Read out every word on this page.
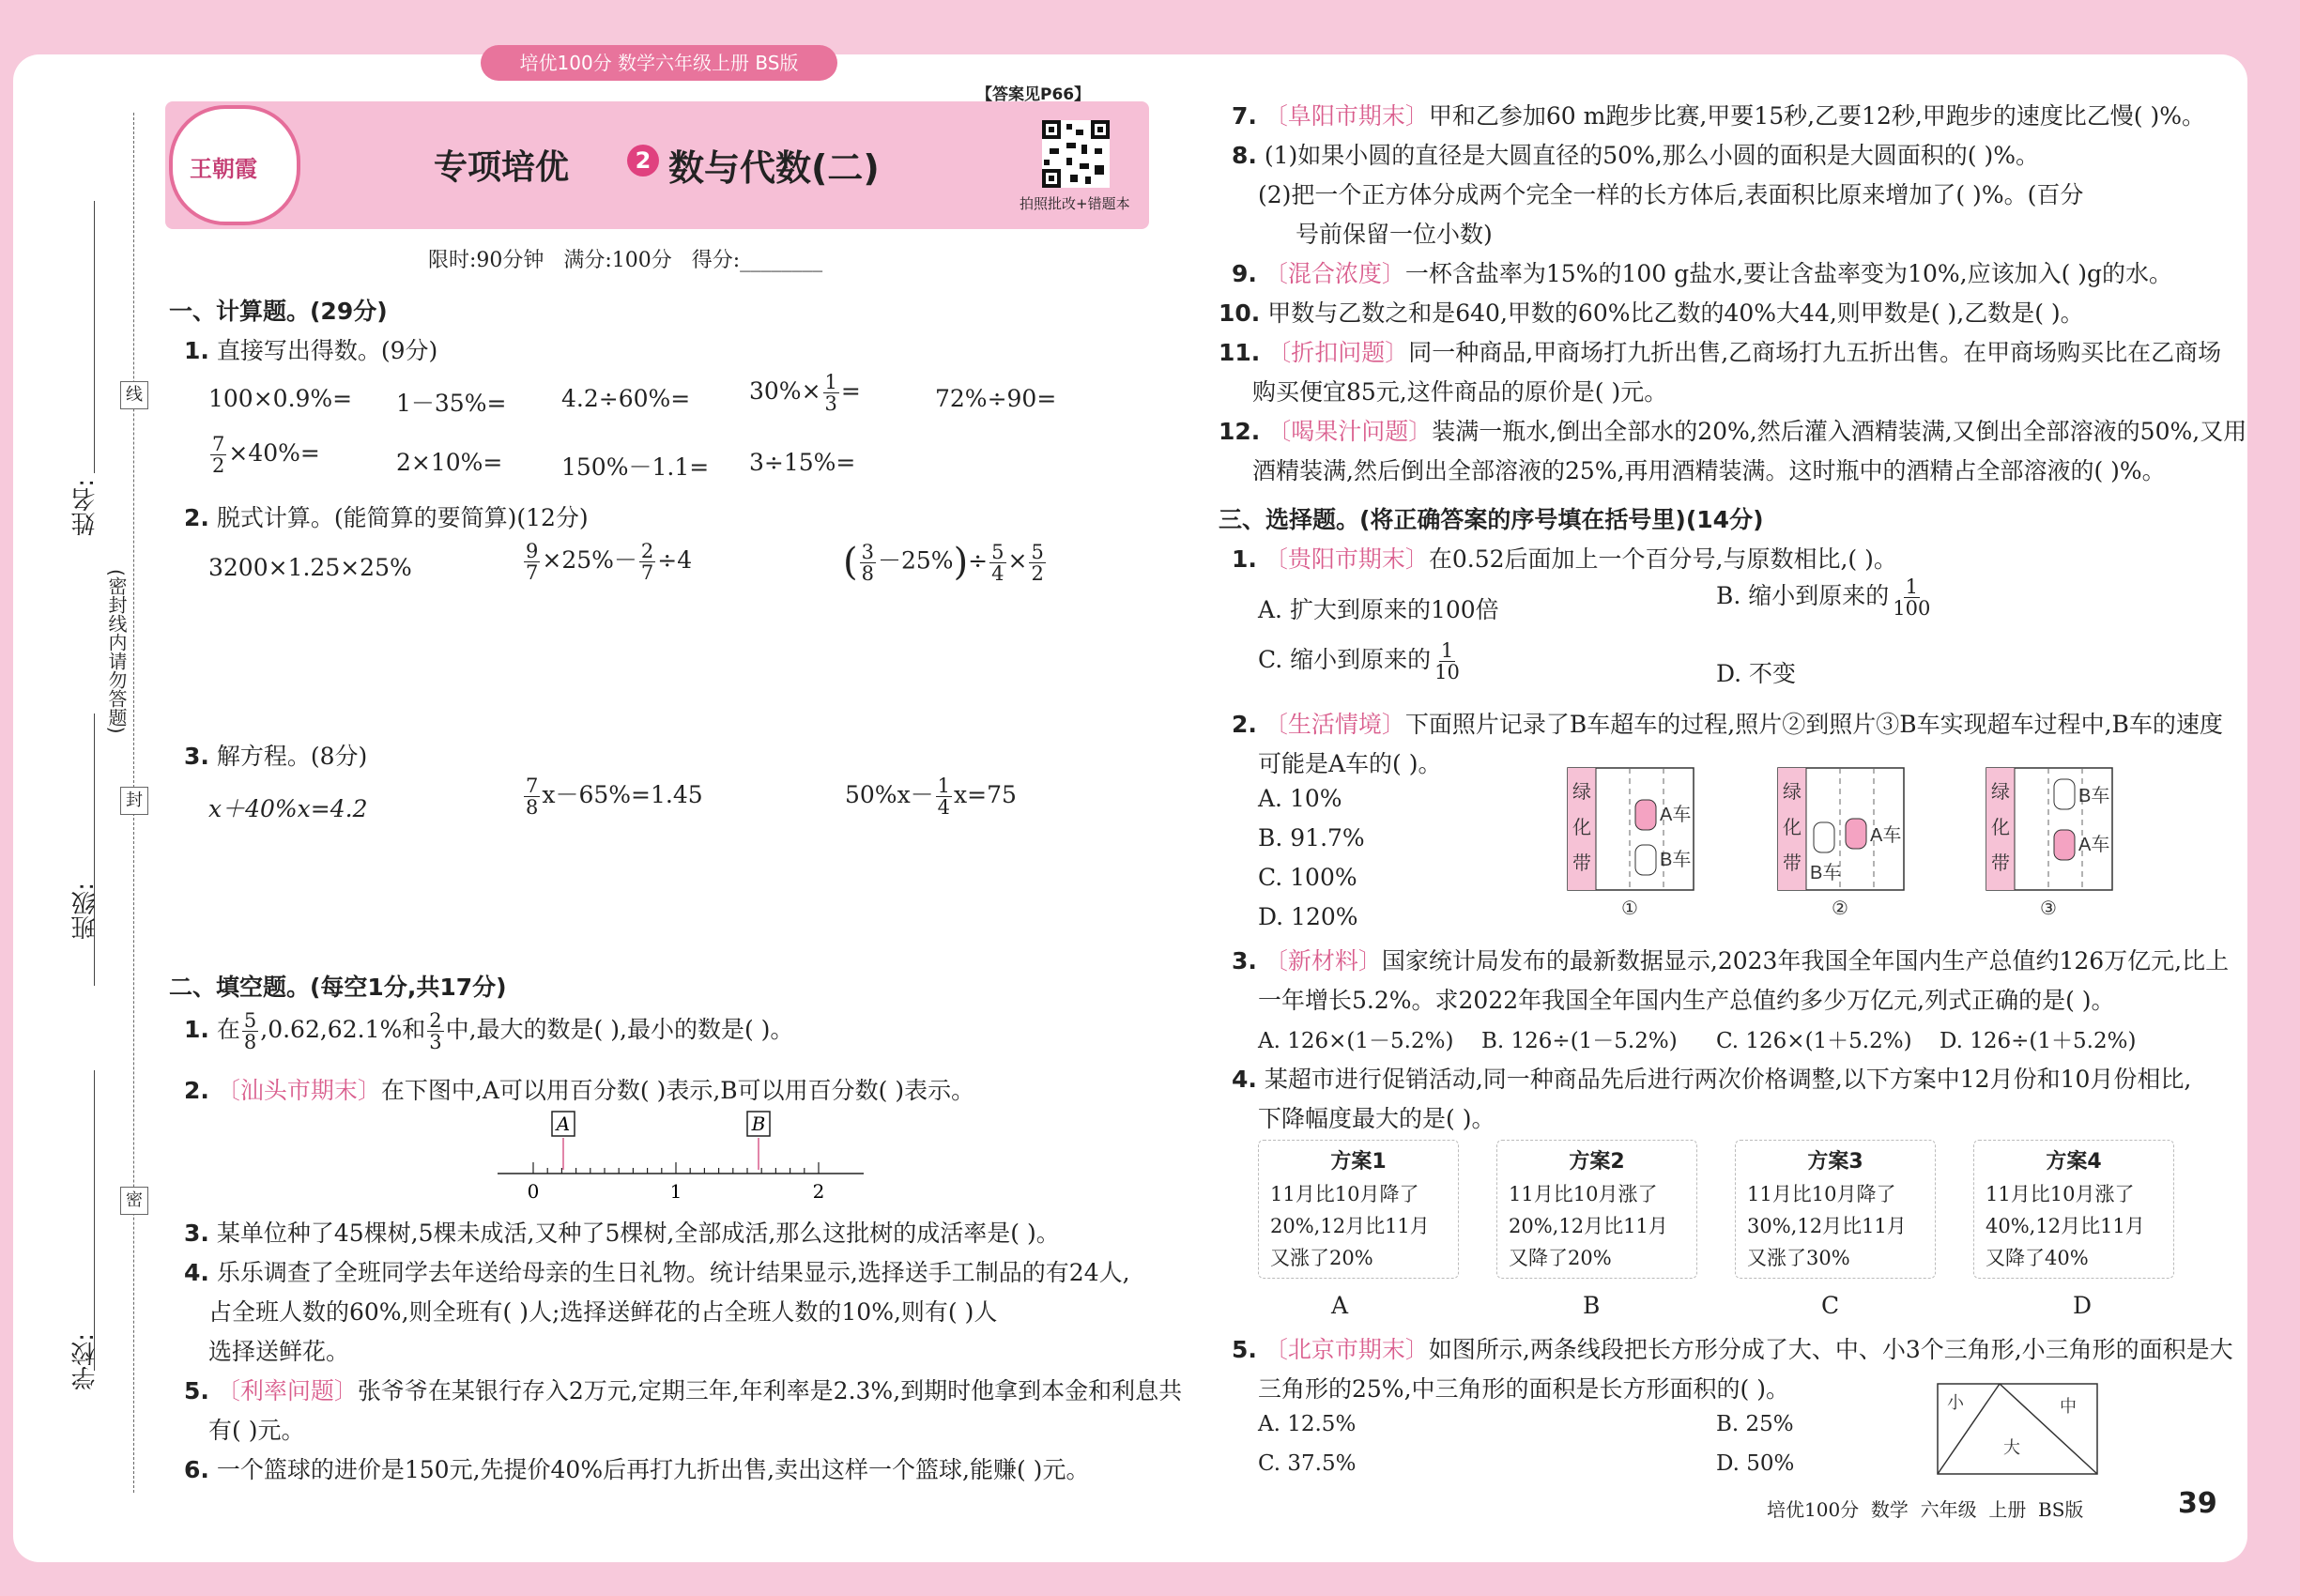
培优100分 数学六年级上册 BS版
王朝霞
【答案见P66】
专项培优	2 数与代数(二)
拍照批改+错题本
限时:90分钟   满分:100分   得分:________
姓名:
班级:
学校:
线
封
密
(密封线内请勿答题)
一、计算题。(29分)
1. 直接写出得数。(9分)
100×0.9%= 1－35%= 4.2÷60%=	$30\%\times \frac{1}{3}$ =	72%÷90=
$\frac{7}{2} \times 40\%=$	2×10%=	150%－1.1= 3÷15%=
2. 脱式计算。(能简算的要简算)(12分)
3200×1.25×25%	$\frac{9}{7} \times 25\%- \frac{2}{7} \div 4$	( $\frac{3}{8} -25\%)\div \frac{5}{4} \times \frac{5}{2}$
3. 解方程。(8分)
x＋40%x=4.2	$\frac{7}{8} x-65\%=1.45$	$50\%x- \frac{1}{4} x=75$
二、填空题。(每空1分,共17分)
1. 在 $\frac{5}{8} ,0.62,62.1\%$和 $\frac{2}{3}$ 中,最大的数是( ),最小的数是( )。
2. 〔汕头市期末〕在下图中,A可以用百分数( )表示,B可以用百分数( )表示。
A	B
0	1	2
3. 某单位种了45棵树,5棵未成活,又种了5棵树,全部成活,那么这批树的成活率是( )。
4. 乐乐调查了全班同学去年送给母亲的生日礼物。统计结果显示,选择送手工制品的有24人,
占全班人数的60%,则全班有( )人;选择送鲜花的占全班人数的10%,则有( )人
选择送鲜花。
5. 〔利率问题〕张爷爷在某银行存入2万元,定期三年,年利率是2.3%,到期时他拿到本金和利息共
有( )元。
6. 一个篮球的进价是150元,先提价40%后再打九折出售,卖出这样一个篮球,能赚( )元。
7. 〔阜阳市期末〕甲和乙参加60 m跑步比赛,甲要15秒,乙要12秒,甲跑步的速度比乙慢( )%。
8. (1)如果小圆的直径是大圆直径的50%,那么小圆的面积是大圆面积的( )%。
(2)把一个正方体分成两个完全一样的长方体后,表面积比原来增加了( )%。(百分
号前保留一位小数)
9. 〔混合浓度〕一杯含盐率为15%的100 g盐水,要让含盐率变为10%,应该加入( )g的水。
10. 甲数与乙数之和是640,甲数的60%比乙数的40%大44,则甲数是( ),乙数是( )。
11. 〔折扣问题〕同一种商品,甲商场打九折出售,乙商场打九五折出售。在甲商场购买比在乙商场
购买便宜85元,这件商品的原价是( )元。
12. 〔喝果汁问题〕装满一瓶水,倒出全部水的20%,然后灌入酒精装满,又倒出全部溶液的50%,又用
酒精装满,然后倒出全部溶液的25%,再用酒精装满。这时瓶中的酒精占全部溶液的( )%。
三、选择题。(将正确答案的序号填在括号里)(14分)
1. 〔贵阳市期末〕在0.52后面加上一个百分号,与原数相比,( )。
A. 扩大到原来的100倍
B. 缩小到原来的 $\frac{1}{100}$
C. 缩小到原来的 $\frac{1}{10}$	D. 不变
2. 〔生活情境〕下面照片记录了B车超车的过程,照片②到照片③B车实现超车过程中,B车的速度
可能是A车的( )。
A. 10%
B. 91.7%
C. 100%
D. 120%
绿
化
带
A车
B车
①
绿
化
带
A车
B车
②
绿
化
带
B车
A车
③
3. 〔新材料〕国家统计局发布的最新数据显示,2023年我国全年国内生产总值约126万亿元,比上
一年增长5.2%。求2022年我国全年国内生产总值约多少万亿元,列式正确的是( )。
A. 126×(1－5.2%) B. 126÷(1－5.2%) C. 126×(1＋5.2%) D. 126÷(1＋5.2%)
4. 某超市进行促销活动,同一种商品先后进行两次价格调整,以下方案中12月份和10月份相比,
下降幅度最大的是( )。
方案1
11月比10月降了
20%,12月比11月
又涨了20%
方案2
11月比10月涨了
20%,12月比11月
又降了20%
方案3
11月比10月降了
30%,12月比11月
又涨了30%
方案4
11月比10月涨了
40%,12月比11月
又降了40%
A	B	C	D
5. 〔北京市期末〕如图所示,两条线段把长方形分成了大、中、小3个三角形,小三角形的面积是大
三角形的25%,中三角形的面积是长方形面积的( )。
A. 12.5%	B. 25%
C. 37.5%	D. 50%
小	中
大
培优100分  数学  六年级  上册  BS版	39
